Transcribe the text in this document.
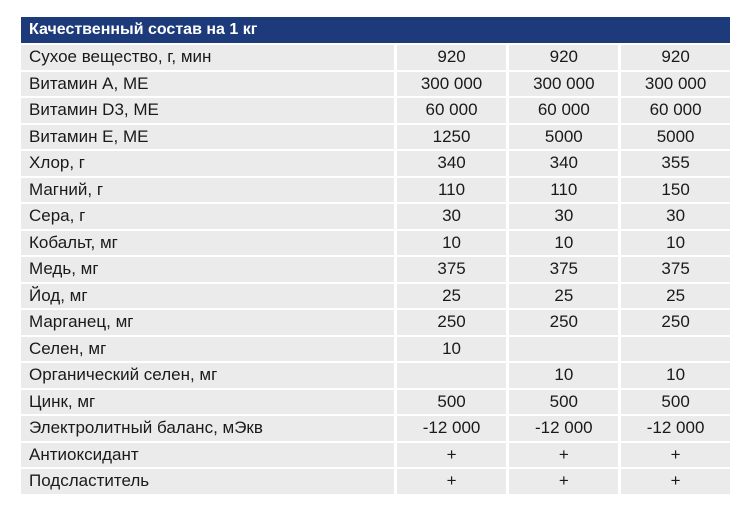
Качественный состав на 1 кг
Сухое вещество, г, мин	920	920	920
Витамин A, ME	300 000	300 000	300 000
Витамин D3, ME	60 000	60 000	60 000
Витамин E, ME	1250	5000	5000
Хлор, г	340	340	355
Магний, г	110	110	150
Сера, г	30	30	30
Кобальт, мг	10	10	10
Медь, мг	375	375	375
Йод, мг	25	25	25
Марганец, мг	250	250	250
Селен, мг	10		
Органический селен, мг		10	10
Цинк, мг	500	500	500
Электролитный баланс, мЭкв	-12 000	-12 000	-12 000
Антиоксидант	+	+	+
Подсластитель	+	+	+
